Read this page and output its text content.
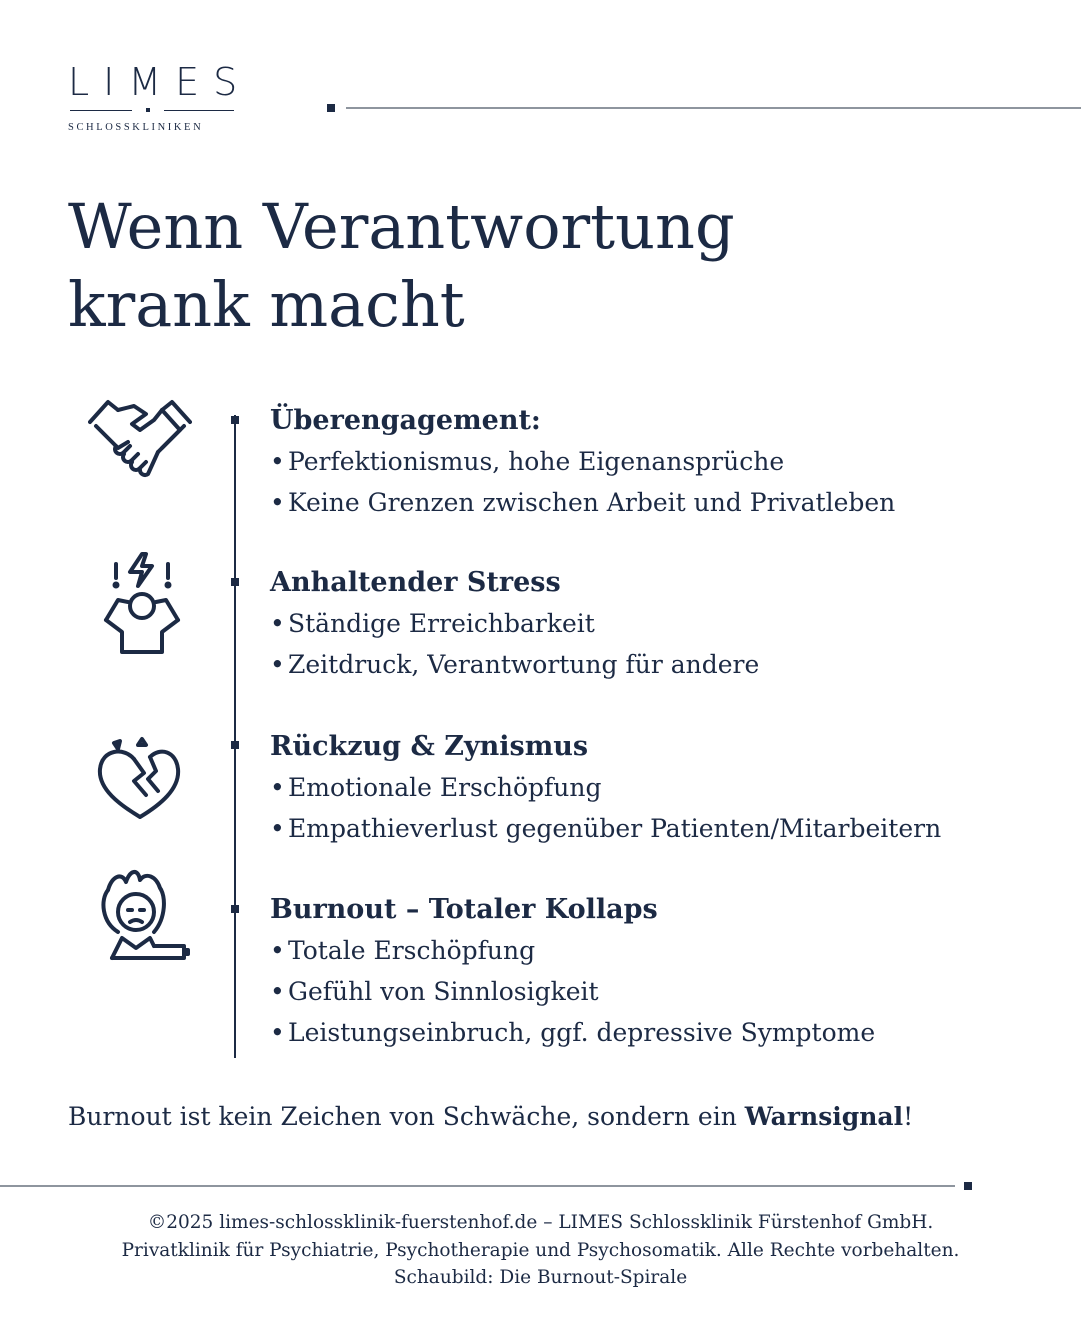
LIMES
SCHLOSSKLINIKEN
Wenn Verantwortung
krank macht

Überengagement:

• Perfektionismus, hohe Eigenansprüche

• Keine Grenzen zwischen Arbeit und Privatleben

Anhaltender Stress

• Ständige Erreichbarkeit

• Zeitdruck, Verantwortung für andere

Rückzug & Zynismus

• Emotionale Erschöpfung

• Empathieverlust gegenüber Patienten/Mitarbeitern

Burnout – Totaler Kollaps

• Totale Erschöpfung

• Gefühl von Sinnlosigkeit

• Leistungseinbruch, ggf. depressive Symptome

Burnout ist kein Zeichen von Schwäche, sondern ein Warnsignal!

©2025 limes-schlossklinik-fuerstenhof.de – LIMES Schlossklinik Fürstenhof GmbH.
Privatklinik für Psychiatrie, Psychotherapie und Psychosomatik. Alle Rechte vorbehalten.
Schaubild: Die Burnout-Spirale
